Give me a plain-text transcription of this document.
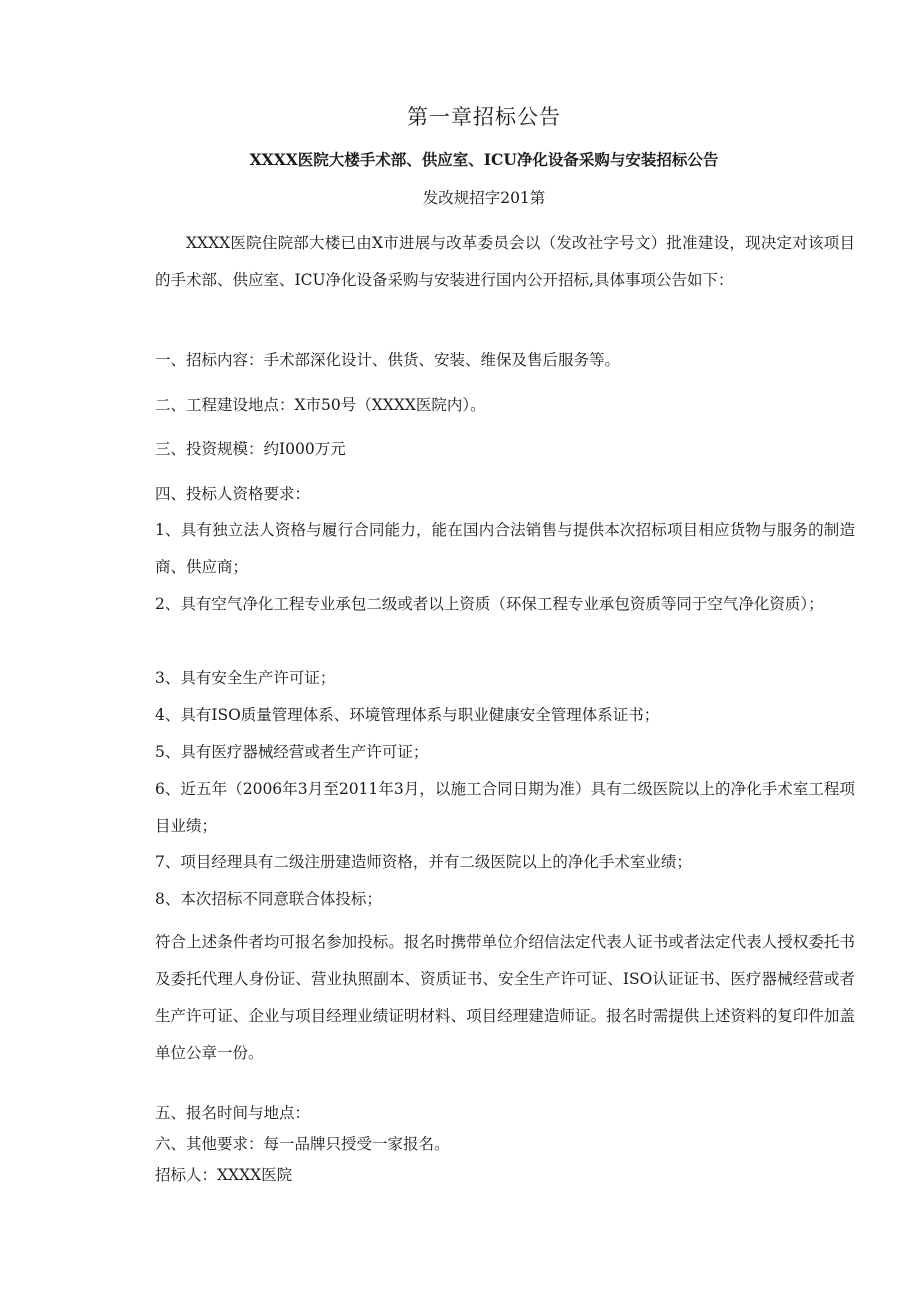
第一章招标公告
XXXX医院大楼手术部、供应室、ICU净化设备采购与安装招标公告
发改规招字201第
XXXX医院住院部大楼已由X市进展与改革委员会以（发改社字号文）批准建设，现决定对该项目的手术部、供应室、ICU净化设备采购与安装进行国内公开招标,具体事项公告如下：
一、招标内容：手术部深化设计、供货、安装、维保及售后服务等。
二、工程建设地点：X市50号（XXXX医院内）。
三、投资规模：约I000万元
四、投标人资格要求：
1、具有独立法人资格与履行合同能力，能在国内合法销售与提供本次招标项目相应货物与服务的制造商、供应商；
2、具有空气净化工程专业承包二级或者以上资质（环保工程专业承包资质等同于空气净化资质）；
3、具有安全生产许可证；
4、具有ISO质量管理体系、环境管理体系与职业健康安全管理体系证书；
5、具有医疗器械经营或者生产许可证；
6、近五年（2006年3月至2011年3月，以施工合同日期为准）具有二级医院以上的净化手术室工程项目业绩；
7、项目经理具有二级注册建造师资格，并有二级医院以上的净化手术室业绩；
8、本次招标不同意联合体投标；
符合上述条件者均可报名参加投标。报名时携带单位介绍信法定代表人证书或者法定代表人授权委托书及委托代理人身份证、营业执照副本、资质证书、安全生产许可证、ISO认证证书、医疗器械经营或者生产许可证、企业与项目经理业绩证明材料、项目经理建造师证。报名时需提供上述资料的复印件加盖单位公章一份。
五、报名时间与地点：
六、其他要求：每一品牌只授受一家报名。
招标人：XXXX医院
